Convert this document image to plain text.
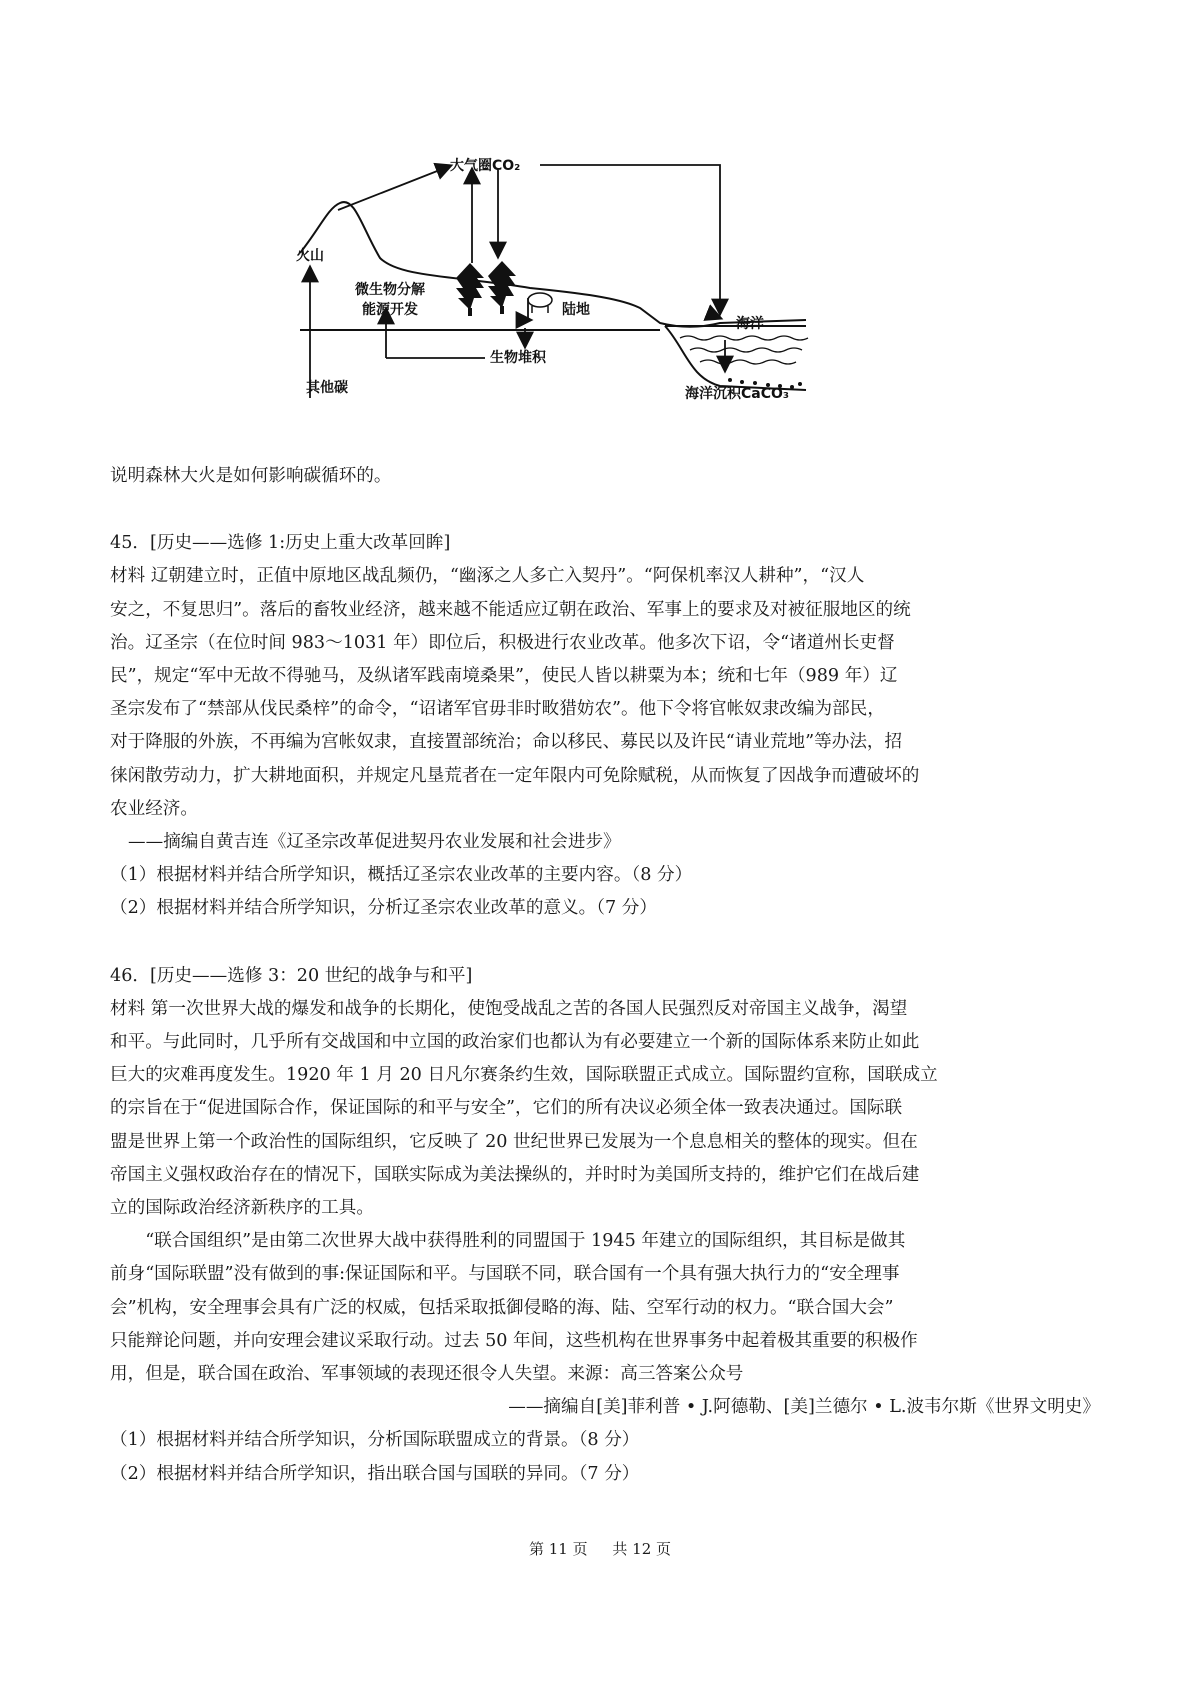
大气圈CO₂
火山
微生物分解
能源开发	陆地
海洋
生物堆积
其他碳	海洋沉积CaCO₃

说明森林大火是如何影响碳循环的。

45．[历史——选修 1:历史上重大改革回眸]

材料 辽朝建立时，正值中原地区战乱频仍，“幽涿之人多亡入契丹”。“阿保机率汉人耕种”，“汉人

安之，不复思归”。落后的畜牧业经济，越来越不能适应辽朝在政治、军事上的要求及对被征服地区的统

治。辽圣宗（在位时间 983～1031 年）即位后，积极进行农业改革。他多次下诏，令“诸道州长吏督

民”，规定“军中无故不得驰马，及纵诸军践南境桑果”，使民人皆以耕粟为本；统和七年（989 年）辽

圣宗发布了“禁部从伐民桑梓”的命令，“诏诸军官毋非时畋猎妨农”。他下令将官帐奴隶改编为部民，

对于降服的外族，不再编为宫帐奴隶，直接置部统治；命以移民、募民以及许民“请业荒地”等办法，招

徕闲散劳动力，扩大耕地面积，并规定凡垦荒者在一定年限内可免除赋税，从而恢复了因战争而遭破坏的

农业经济。

——摘编自黄吉连《辽圣宗改革促进契丹农业发展和社会进步》

（1）根据材料并结合所学知识，概括辽圣宗农业改革的主要内容。（8 分）

（2）根据材料并结合所学知识，分析辽圣宗农业改革的意义。（7 分）

46．[历史——选修 3：20 世纪的战争与和平]

材料 第一次世界大战的爆发和战争的长期化，使饱受战乱之苦的各国人民强烈反对帝国主义战争，渴望

和平。与此同时，几乎所有交战国和中立国的政治家们也都认为有必要建立一个新的国际体系来防止如此

巨大的灾难再度发生。1920 年 1 月 20 日凡尔赛条约生效，国际联盟正式成立。国际盟约宣称，国联成立

的宗旨在于“促进国际合作，保证国际的和平与安全”，它们的所有决议必须全体一致表决通过。国际联

盟是世界上第一个政治性的国际组织，它反映了 20 世纪世界已发展为一个息息相关的整体的现实。但在

帝国主义强权政治存在的情况下，国联实际成为美法操纵的，并时时为美国所支持的，维护它们在战后建

立的国际政治经济新秩序的工具。

“联合国组织”是由第二次世界大战中获得胜利的同盟国于 1945 年建立的国际组织，其目标是做其

前身“国际联盟”没有做到的事:保证国际和平。与国联不同，联合国有一个具有强大执行力的“安全理事

会”机构，安全理事会具有广泛的权威，包括采取抵御侵略的海、陆、空军行动的权力。“联合国大会”

只能辩论问题，并向安理会建议采取行动。过去 50 年间，这些机构在世界事务中起着极其重要的积极作

用，但是，联合国在政治、军事领域的表现还很令人失望。来源：高三答案公众号

——摘编自[美]菲利普 • J.阿德勒、[美]兰德尔 • L.波韦尔斯《世界文明史》

（1）根据材料并结合所学知识，分析国际联盟成立的背景。（8 分）

（2）根据材料并结合所学知识，指出联合国与国联的异同。（7 分）

第 11 页 共 12 页
